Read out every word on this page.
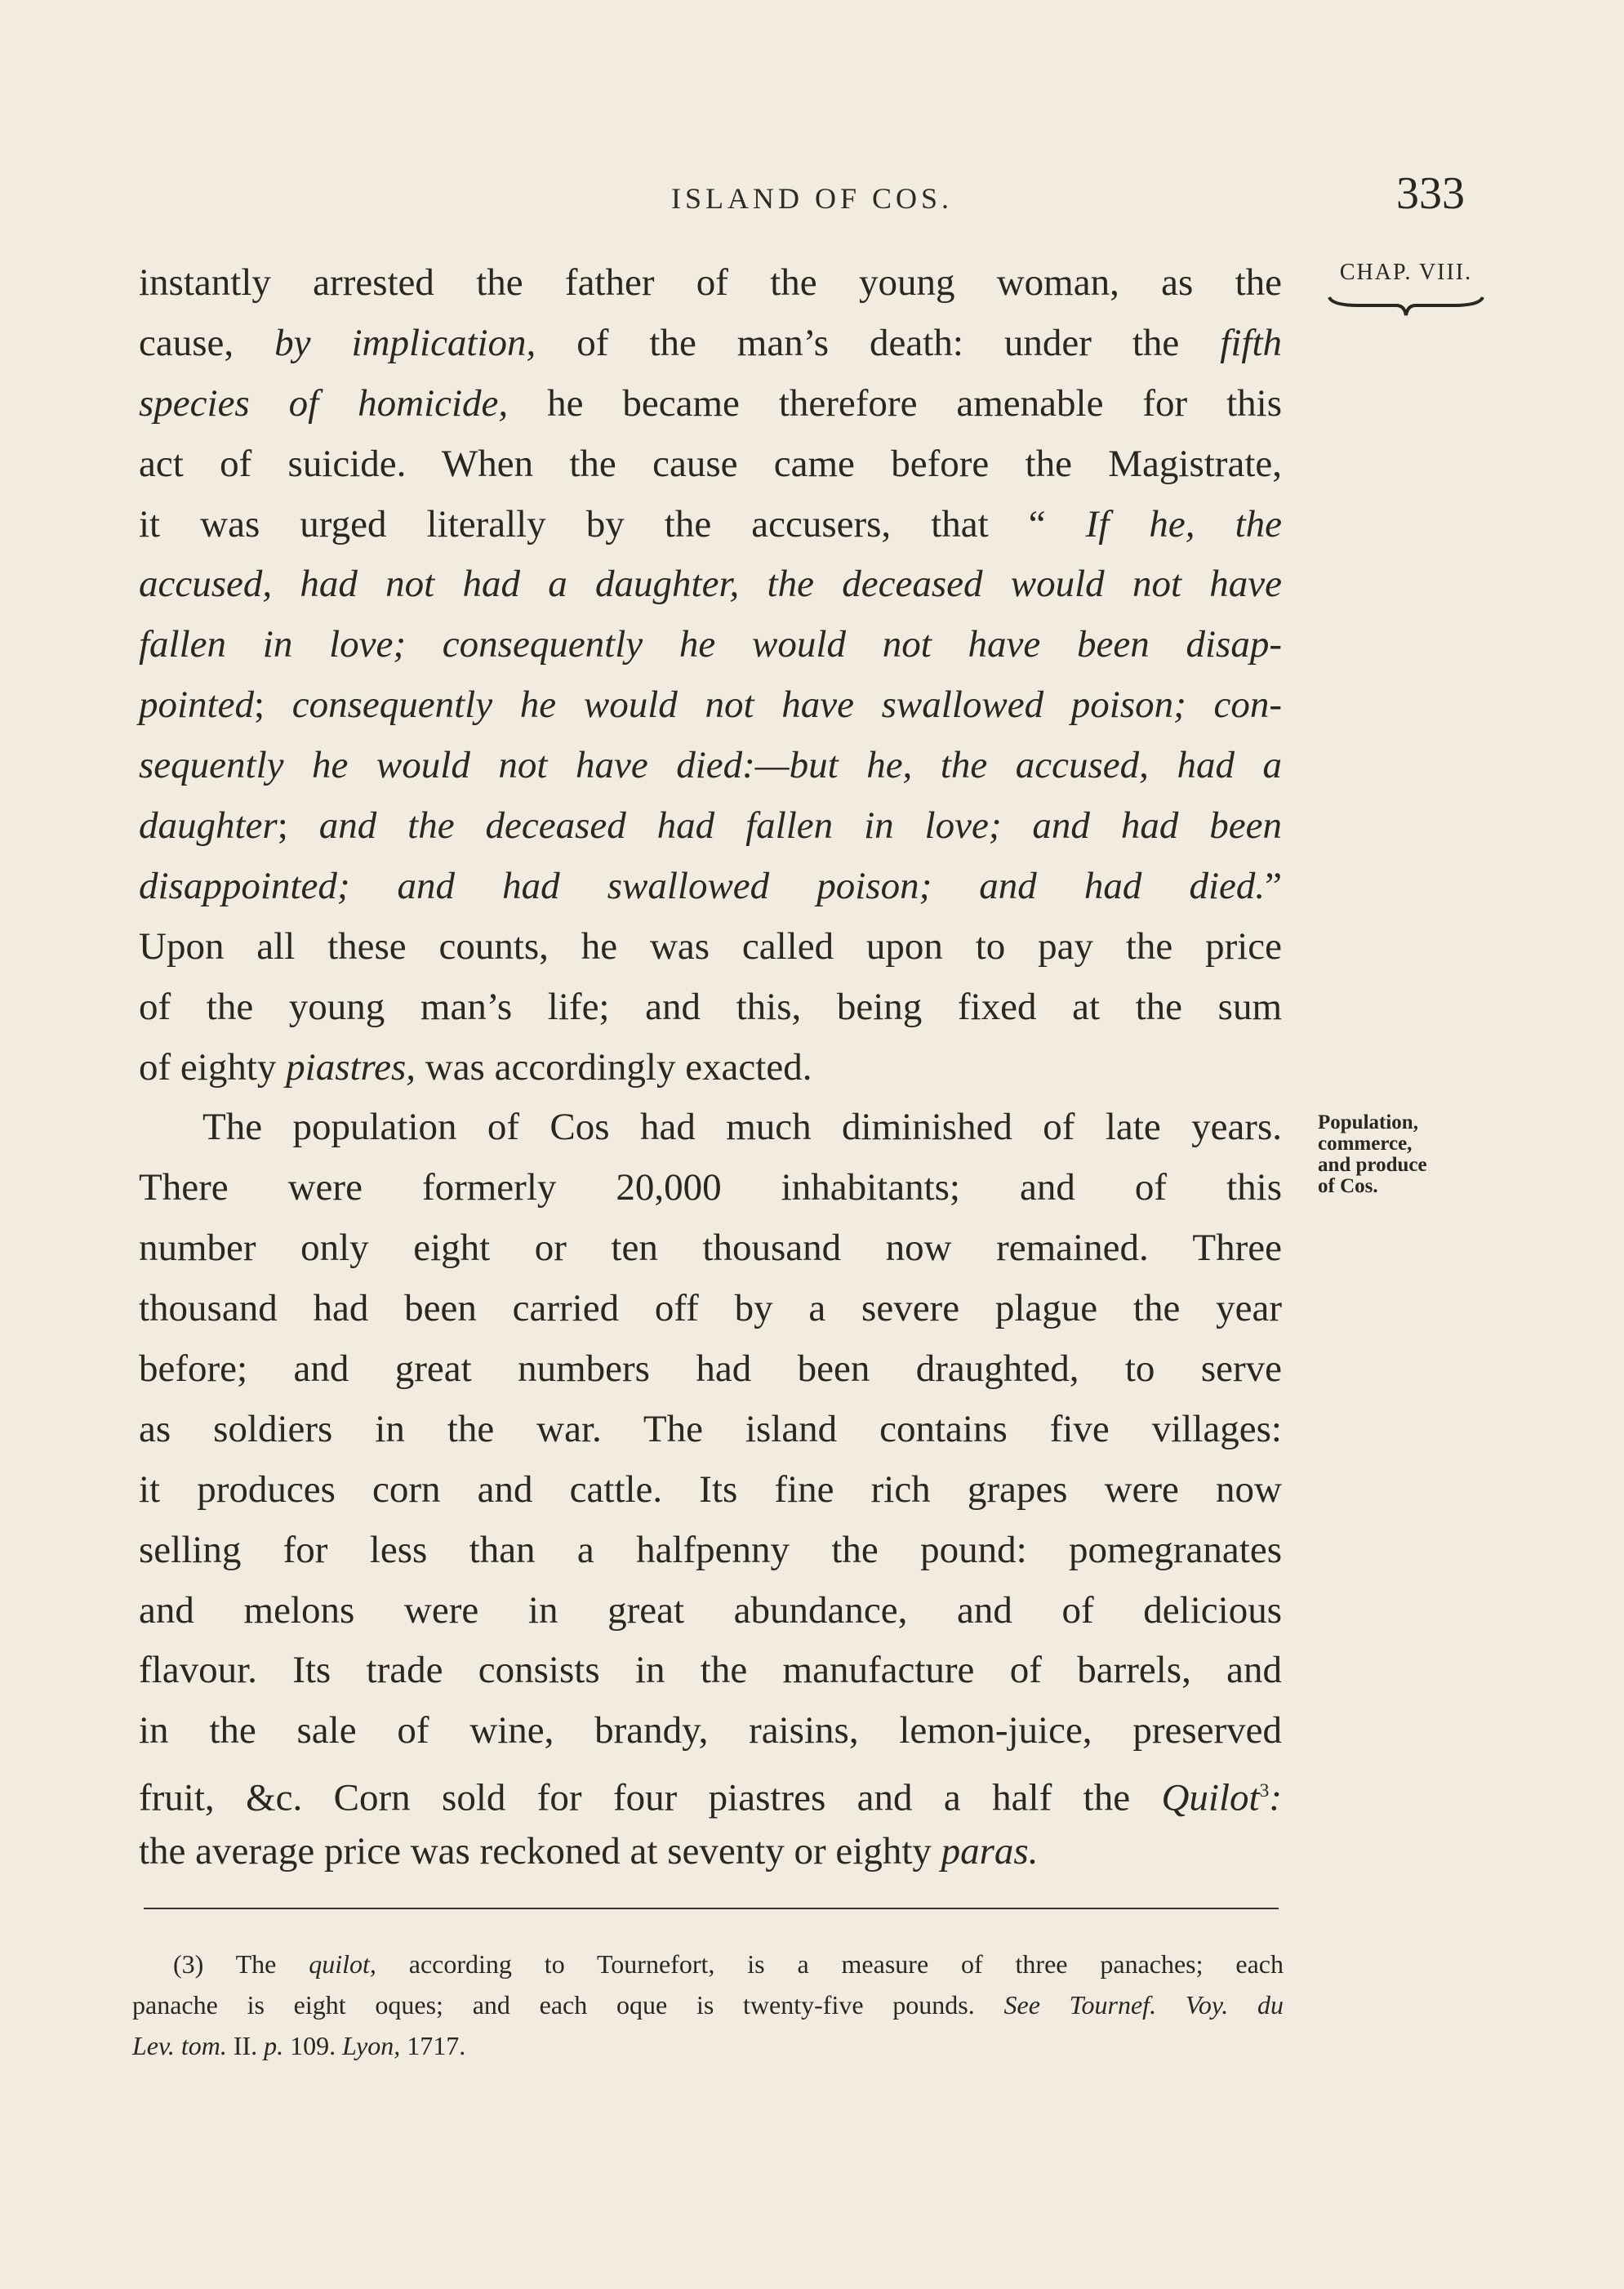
ISLAND OF COS.	333
CHAP. VIII.
Population,
commerce,
and produce
of Cos.
instantly arrested the father of the young woman, as the
cause, by implication, of the man’s death: under the fifth
species of homicide, he became therefore amenable for this
act of suicide. When the cause came before the Magistrate,
it was urged literally by the accusers, that “ If he, the
accused, had not had a daughter, the deceased would not have
fallen in love; consequently he would not have been disap-
pointed; consequently he would not have swallowed poison; con-
sequently he would not have died:—but he, the accused, had a
daughter; and the deceased had fallen in love; and had been
disappointed; and had swallowed poison; and had died.”
Upon all these counts, he was called upon to pay the price
of the young man’s life; and this, being fixed at the sum
of eighty piastres, was accordingly exacted.
The population of Cos had much diminished of late years.
There were formerly 20,000 inhabitants; and of this
number only eight or ten thousand now remained. Three
thousand had been carried off by a severe plague the year
before; and great numbers had been draughted, to serve
as soldiers in the war. The island contains five villages:
it produces corn and cattle. Its fine rich grapes were now
selling for less than a halfpenny the pound: pomegranates
and melons were in great abundance, and of delicious
flavour. Its trade consists in the manufacture of barrels, and
in the sale of wine, brandy, raisins, lemon-juice, preserved
fruit, &c. Corn sold for four piastres and a half the Quilot$^3$:
the average price was reckoned at seventy or eighty paras.
(3) The quilot, according to Tournefort, is a measure of three panaches; each
panache is eight oques; and each oque is twenty-five pounds. See Tournef. Voy. du
Lev. tom. II. p. 109. Lyon, 1717.
